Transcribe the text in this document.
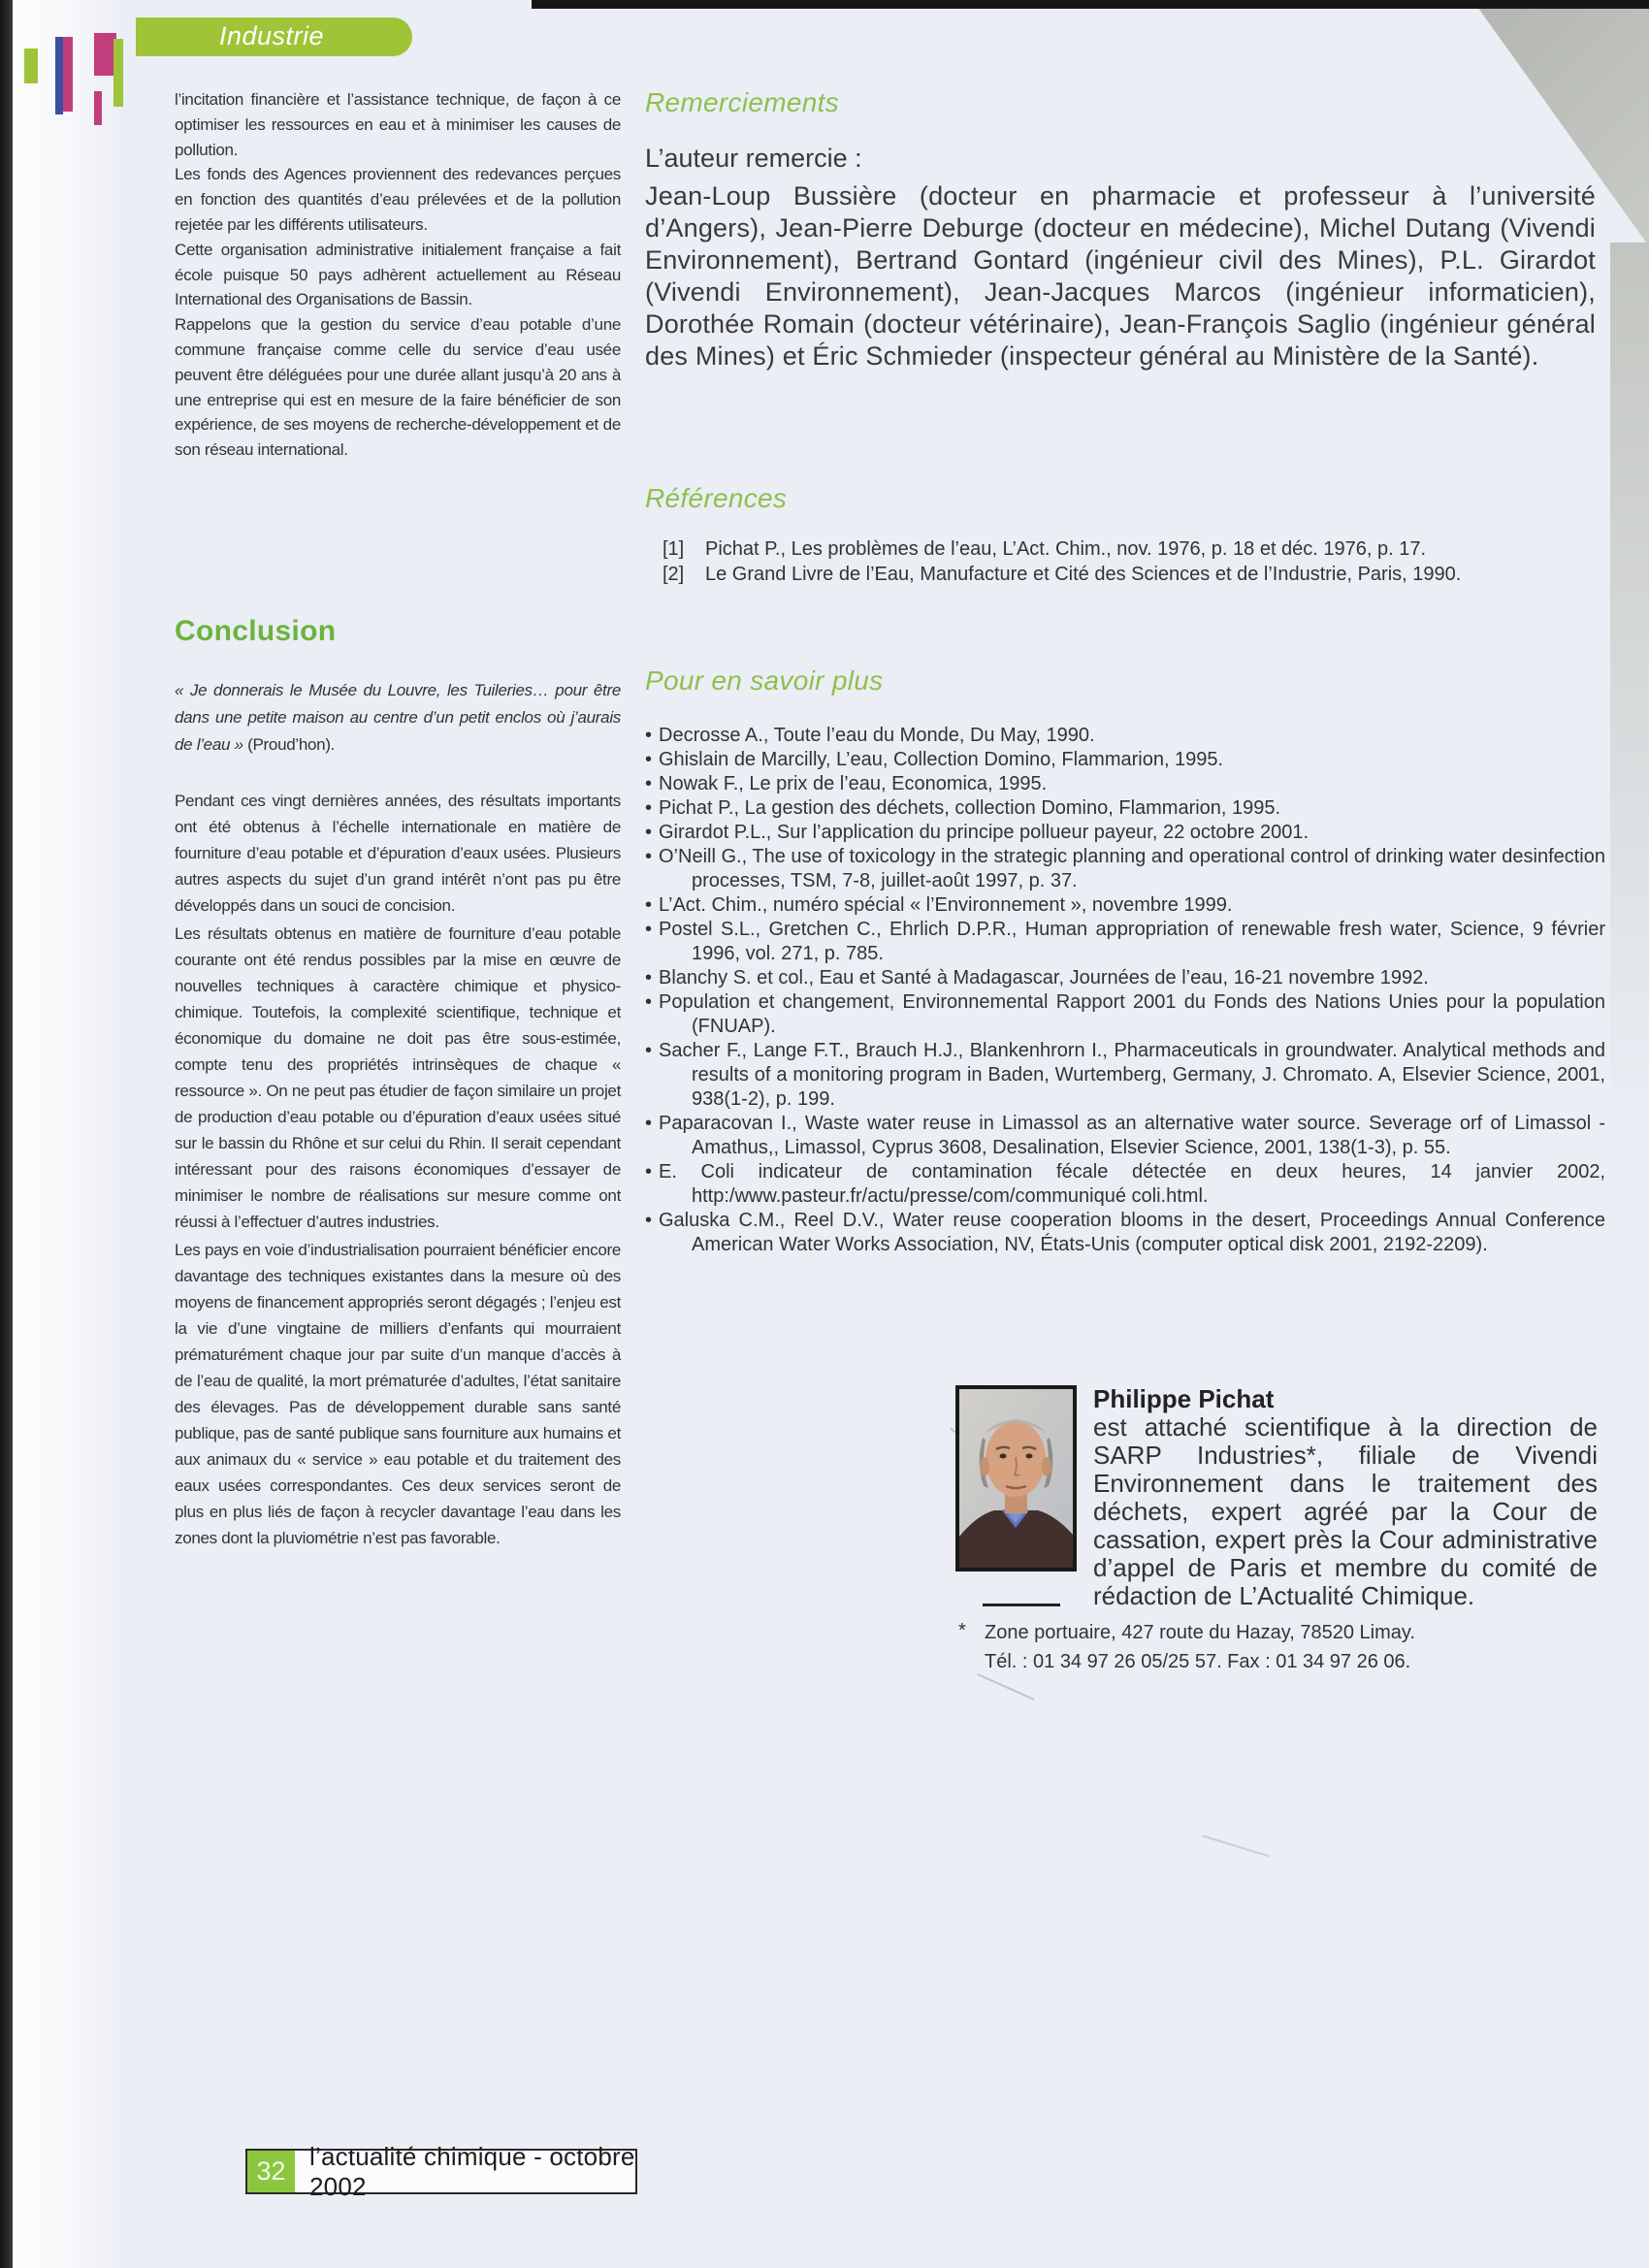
Industrie

l’incitation financière et l’assistance technique, de façon à ce optimiser les ressources en eau et à minimiser les causes de pollution.

Les fonds des Agences proviennent des redevances perçues en fonction des quantités d’eau prélevées et de la pollution rejetée par les différents utilisateurs.

Cette organisation administrative initialement française a fait école puisque 50 pays adhèrent actuellement au Réseau International des Organisations de Bassin.

Rappelons que la gestion du service d’eau potable d’une commune française comme celle du service d’eau usée peuvent être déléguées pour une durée allant jusqu’à 20 ans à une entreprise qui est en mesure de la faire bénéficier de son expérience, de ses moyens de recherche-développement et de son réseau international.

Conclusion
« Je donnerais le Musée du Louvre, les Tuileries… pour être dans une petite maison au centre d’un petit enclos où j’aurais de l’eau » (Proud’hon).

Pendant ces vingt dernières années, des résultats importants ont été obtenus à l’échelle internationale en matière de fourniture d’eau potable et d’épuration d’eaux usées. Plusieurs autres aspects du sujet d’un grand intérêt n’ont pas pu être développés dans un souci de concision.

Les résultats obtenus en matière de fourniture d’eau potable courante ont été rendus possibles par la mise en œuvre de nouvelles techniques à caractère chimique et physico-chimique. Toutefois, la complexité scientifique, technique et économique du domaine ne doit pas être sous-estimée, compte tenu des propriétés intrinsèques de chaque « ressource ». On ne peut pas étudier de façon similaire un projet de production d’eau potable ou d’épuration d’eaux usées situé sur le bassin du Rhône et sur celui du Rhin. Il serait cependant intéressant pour des raisons économiques d’essayer de minimiser le nombre de réalisations sur mesure comme ont réussi à l’effectuer d’autres industries.

Les pays en voie d’industrialisation pourraient bénéficier encore davantage des techniques existantes dans la mesure où des moyens de financement appropriés seront dégagés ; l’enjeu est la vie d’une vingtaine de milliers d’enfants qui mourraient prématurément chaque jour par suite d’un manque d’accès à de l’eau de qualité, la mort prématurée d’adultes, l’état sanitaire des élevages. Pas de développement durable sans santé publique, pas de santé publique sans fourniture aux humains et aux animaux du « service » eau potable et du traitement des eaux usées correspondantes. Ces deux services seront de plus en plus liés de façon à recycler davantage l’eau dans les zones dont la pluviométrie n’est pas favorable.

Remerciements
L’auteur remercie :
Jean-Loup Bussière (docteur en pharmacie et professeur à l’université d’Angers), Jean-Pierre Deburge (docteur en médecine), Michel Dutang (Vivendi Environnement), Bertrand Gontard (ingénieur civil des Mines), P.L. Girardot (Vivendi Environnement), Jean-Jacques Marcos (ingénieur informaticien), Dorothée Romain (docteur vétérinaire), Jean-François Saglio (ingénieur général des Mines) et Éric Schmieder (inspecteur général au Ministère de la Santé).
Références
[1] Pichat P., Les problèmes de l’eau, L’Act. Chim., nov. 1976, p. 18 et déc. 1976, p. 17.
[2] Le Grand Livre de l’Eau, Manufacture et Cité des Sciences et de l’Industrie, Paris, 1990.
Pour en savoir plus
• Decrosse A., Toute l’eau du Monde, Du May, 1990.
• Ghislain de Marcilly, L’eau, Collection Domino, Flammarion, 1995.
• Nowak F., Le prix de l’eau, Economica, 1995.
• Pichat P., La gestion des déchets, collection Domino, Flammarion, 1995.
• Girardot P.L., Sur l’application du principe pollueur payeur, 22 octobre 2001.
• O’Neill G., The use of toxicology in the strategic planning and operational control of drinking water desinfection processes, TSM, 7-8, juillet-août 1997, p. 37.
• L’Act. Chim., numéro spécial « l’Environnement », novembre 1999.
• Postel S.L., Gretchen C., Ehrlich D.P.R., Human appropriation of renewable fresh water, Science, 9 février 1996, vol. 271, p. 785.
• Blanchy S. et col., Eau et Santé à Madagascar, Journées de l’eau, 16-21 novembre 1992.
• Population et changement, Environnemental Rapport 2001 du Fonds des Nations Unies pour la population (FNUAP).
• Sacher F., Lange F.T., Brauch H.J., Blankenhrorn I., Pharmaceuticals in groundwater. Analytical methods and results of a monitoring program in Baden, Wurtemberg, Germany, J. Chromato. A, Elsevier Science, 2001, 938(1-2), p. 199.
• Paparacovan I., Waste water reuse in Limassol as an alternative water source. Severage orf of Limassol - Amathus,, Limassol, Cyprus 3608, Desalination, Elsevier Science, 2001, 138(1-3), p. 55.
• E. Coli indicateur de contamination fécale détectée en deux heures, 14 janvier 2002, http:/www.pasteur.fr/actu/presse/com/communiqué coli.html.
• Galuska C.M., Reel D.V., Water reuse cooperation blooms in the desert, Proceedings Annual Conference American Water Works Association, NV, États-Unis (computer optical disk 2001, 2192-2209).
Philippe Pichat
est attaché scientifique à la direction de
SARP Industries*, filiale de Vivendi
Environnement dans le traitement des
déchets, expert agréé par la Cour de
cassation, expert près la Cour administrative
d’appel de Paris et membre du comité de
rédaction de L’Actualité Chimique.
* Zone portuaire, 427 route du Hazay, 78520 Limay.
Tél. : 01 34 97 26 05/25 57. Fax : 01 34 97 26 06.
32
l’actualité chimique - octobre 2002
